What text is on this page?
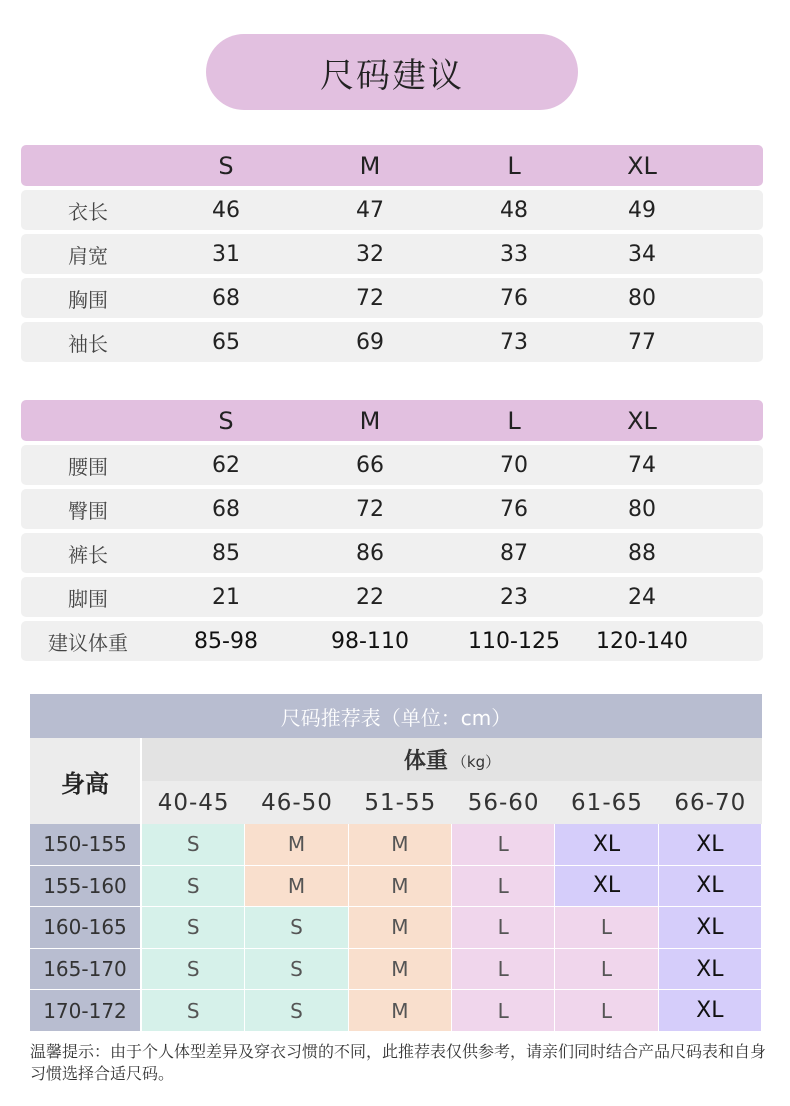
尺码建议
S	M	L	XL
衣长	46	47	48	49
肩宽	31	32	33	34
胸围	68	72	76	80
袖长	65	69	73	77
S	M	L	XL
腰围	62	66	70	74
臀围	68	72	76	80
裤长	85	86	87	88
脚围	21	22	23	24
建议体重	85-98	98-110	110-125	120-140
尺码推荐表（单位：cm）
身高
体重 （kg）
40-45	46-50	51-55	56-60	61-65	66-70
150-155	S	M	M	L	XL	XL
155-160	S	M	M	L	XL	XL
160-165	S	S	M	L	L	XL
165-170	S	S	M	L	L	XL
170-172	S	S	M	L	L	XL
温馨提示：由于个人体型差异及穿衣习惯的不同，此推荐表仅供参考，请亲们同时结合产品尺码表和自身习惯选择合适尺码。
